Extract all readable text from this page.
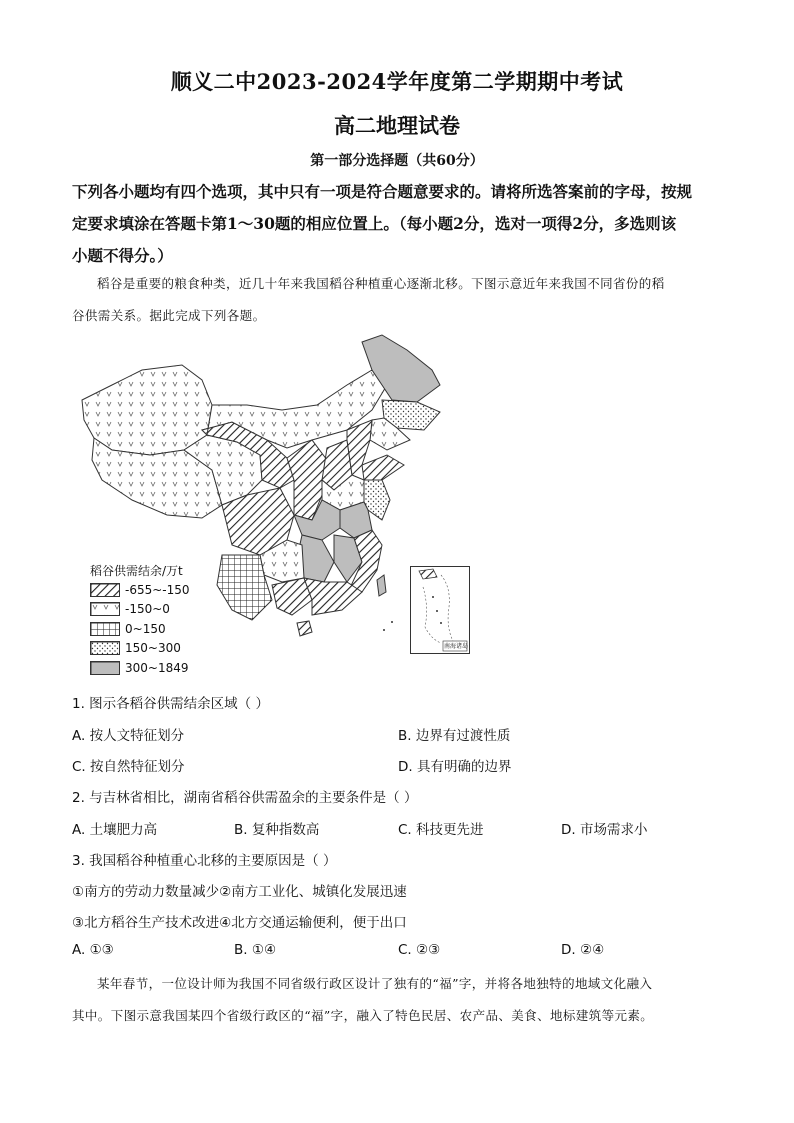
顺义二中2023-2024学年度第二学期期中考试
高二地理试卷
第一部分选择题（共60分）
下列各小题均有四个选项，其中只有一项是符合题意要求的。请将所选答案前的字母，按规
定要求填涂在答题卡第1～30题的相应位置上。（每小题2分，选对一项得2分，多选则该
小题不得分。）
稻谷是重要的粮食种类，近几十年来我国稻谷种植重心逐渐北移。下图示意近年来我国不同省份的稻
谷供需关系。据此完成下列各题。
稻谷供需结余/万t
-655~-150
-150~0
0~150
150~300
300~1849
南海诸岛
1. 图示各稻谷供需结余区域（ ）
A. 按人文特征划分	B. 边界有过渡性质
C. 按自然特征划分	D. 具有明确的边界
2. 与吉林省相比，湖南省稻谷供需盈余的主要条件是（ ）
A. 土壤肥力高	B. 复种指数高	C. 科技更先进	D. 市场需求小
3. 我国稻谷种植重心北移的主要原因是（ ）
①南方的劳动力数量减少②南方工业化、城镇化发展迅速
③北方稻谷生产技术改进④北方交通运输便利，便于出口
A. ①③	B. ①④	C. ②③	D. ②④
某年春节，一位设计师为我国不同省级行政区设计了独有的“福”字，并将各地独特的地域文化融入
其中。下图示意我国某四个省级行政区的“福”字，融入了特色民居、农产品、美食、地标建筑等元素。
